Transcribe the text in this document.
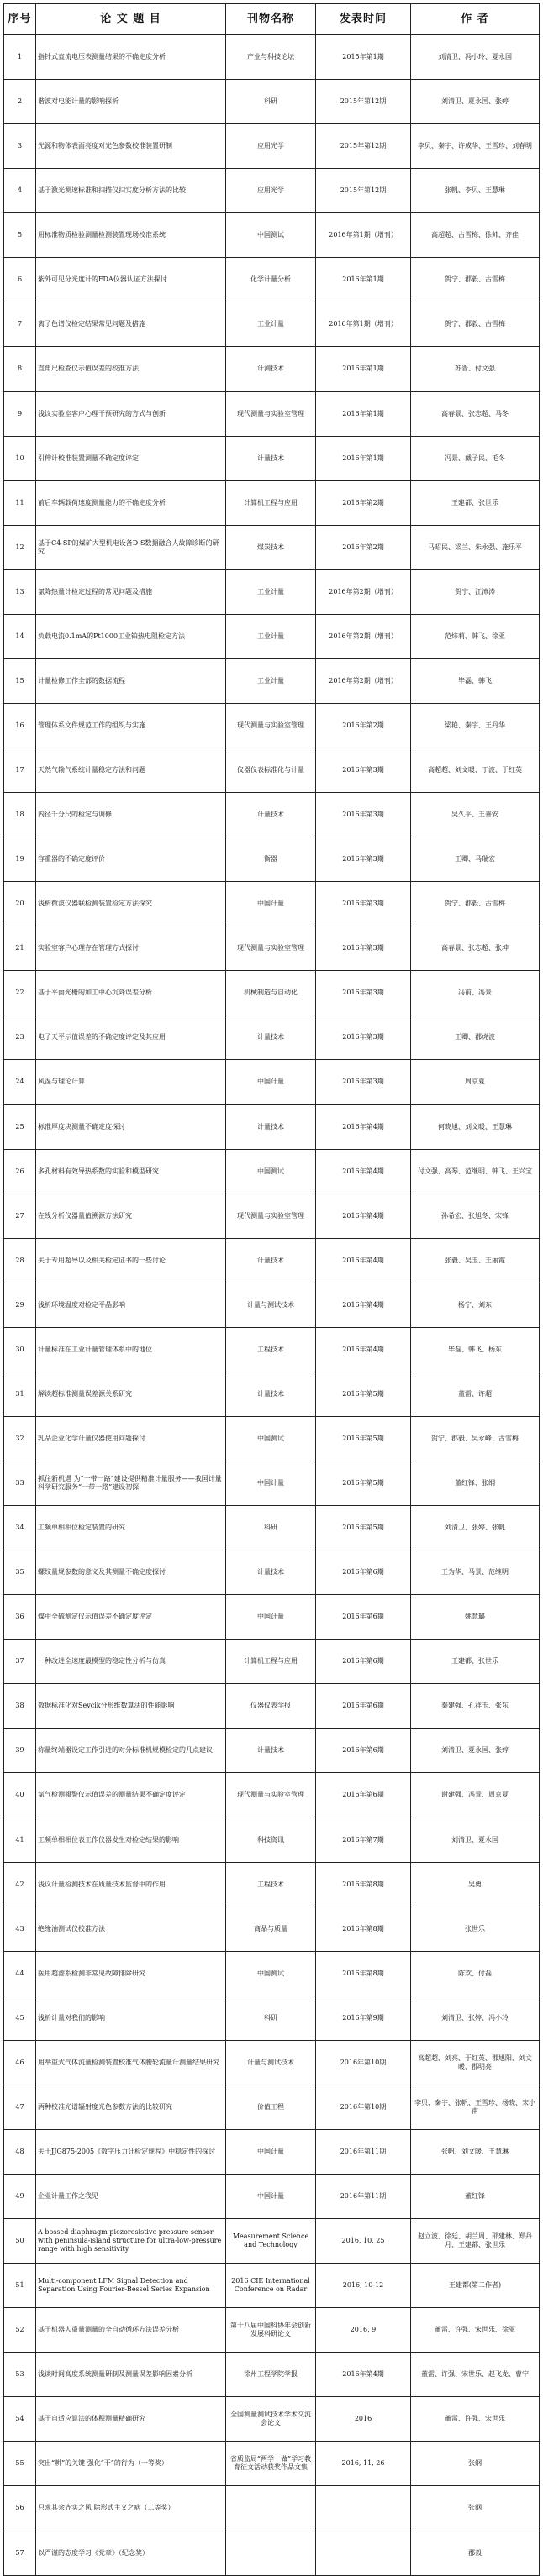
序号	论 文 题 目	刊物名称	发表时间	作 者
1	指针式直流电压表测量结果的不确定度分析	产业与科技论坛	2015年第1期	刘清卫、冯小玲、夏永国
2	谐波对电能计量的影响探析	科研	2015年第12期	刘清卫、夏永国、张婷
3	光源和物体表面亮度对光色参数校准装置研制	应用光学	2015年第12期	李贝、秦宇、许成华、王雪珍、刘春明
4	基于激光测速标准和扫描仪扫实度分析方法的比较	应用光学	2015年第12期	张帆、李贝、王慧琳
5	用标准物质检验测量检测装置现场校准系统	中国测试	2016年第1期（增刊）	高超超、古雪梅、徐帅、齐佳
6	紫外可见分光度计的FDA仪器认证方法探讨	化学计量分析	2016年第1期	贺宁、郡毅、古雪梅
7	离子色谱仪检定结果常见问题及措施	工业计量	2016年第1期（增刊）	贺宁、郡毅、古雪梅
8	直角尺检查仪示值误差的校准方法	计测技术	2016年第1期	苏晋、付文强
9	浅议实验室客户心理干预研究的方式与创新	现代测量与实验室管理	2016年第1期	高春景、张志超、马冬
10	引伸计校准装置测量不确定度评定	计量技术	2016年第1期	冯景、戴子民、毛冬
11	前后车辆载荷速度测量能力的不确定度分析	计算机工程与应用	2016年第2期	王建都、张世乐
12	基于C4-SP的煤矿大型机电设备D-S数据融合人故障诊断的研究	煤炭技术	2016年第2期	马昭民、梁兰、朱永强、施乐平
13	氯降热量计检定过程的常见问题及措施	工业计量	2016年第2期（增刊）	贺宁、江沛涛
14	负载电流0.1mA的Pt1000工业铂热电阻检定方法	工业计量	2016年第2期（增刊）	范炜莉、韩飞、徐亚
15	计量检修工作全部的数据流程	工业计量	2016年第2期（增刊）	毕磊、韩飞
16	管理体系文件规范工作的组织与实施	现代测量与实验室管理	2016年第2期	梁艳、秦宇、王丹华
17	天然气输气系统计量稳定方法和问题	仪器仪表标准化与计量	2016年第3期	高超超、刘文暖、丁波、于红英
18	内径千分尺的检定与调修	计量技术	2016年第3期	吴久平、王善安
19	容重器的不确定度评价	衡器	2016年第3期	王卿、马瑞宏
20	浅析微波仪器联检测装置检定方法探究	中国计量	2016年第3期	贺宁、郡毅、古雪梅
21	实验室客户心理存在管理方式探讨	现代测量与实验室管理	2016年第3期	高春景、张志超、张坤
22	基于平面光栅的加工中心沉降误差分析	机械制造与自动化	2016年第3期	冯前、冯景
23	电子天平示值误差的不确定度评定及其应用	计量技术	2016年第3期	王卿、郡虎波
24	风湿与理论计算	中国计量	2016年第3期	周京夏
25	标准厚度块测量不确定度探讨	计量技术	2016年第4期	何晓旭、刘文暖、王慧琳
26	多孔材料有效导热系数的实验和模型研究	中国测试	2016年第4期	付文强、高琴、范继明、韩飞、王兴宝
27	在线分析仪器量值溯源方法研究	现代测量与实验室管理	2016年第4期	孙希宏、张旭冬、宋锋
28	关于专用超导以及相关检定证书的一些讨论	计量技术	2016年第4期	张毅、吴玉、王丽霞
29	浅析环境温度对检定平晶影响	计量与测试技术	2016年第4期	杨宁、刘东
30	计量标准在工业计量管理体系中的地位	工程技术	2016年第4期	毕磊、韩飞、杨东
31	解读超标准测量误差源关系研究	计量技术	2016年第5期	董雷、许超
32	乳品企业化学计量仪器使用问题探讨	中国测试	2016年第5期	贺宁、郡毅、吴永峰、古雪梅
33	抓住新机遇 为“一带一路”建设提供精准计量服务——我国计量科学研究服务“一带一路”建设初探	中国计量	2016年第5期	董红锋、张纲
34	工频单相相位检定装置的研究	科研	2016年第5期	刘清卫、张婷、张帆
35	螺纹量规参数的意义及其测量不确定度探讨	计量技术	2016年第6期	王为华、马景、范继明
36	煤中全硫测定仪示值误差不确定度评定	中国计量	2016年第6期	姚慧璐
37	一种改进全速度最模型的稳定性分析与仿真	计算机工程与应用	2016年第6期	王建都、张世乐
38	数据标准化对Sevcik分形维数算法的性能影响	仪器仪表学报	2016年第6期	秦建强、孔祥玉、张东
39	称量终端器设定工作引进的对分标准机规模检定的几点建议	计量技术	2016年第6期	刘清卫、夏永国、张婷
40	氯气检测報警仪示值误差的测量结果不确定度评定	现代测量与实验室管理	2016年第6期	谢建强、冯景、周京夏
41	工频单相相位表工作仪器发生对检定结果的影响	科技资讯	2016年第7期	刘清卫、夏永国
42	浅议计量检测技术在质量技术监督中的作用	工程技术	2016年第8期	吴勇
43	绝缘油测试仪校准方法	商品与质量	2016年第8期	张世乐
44	医用超滤系检测非常见故障排除研究	中国测试	2016年第8期	陈欢、付磊
45	浅析计量对我们的影响	科研	2016年第9期	刘清卫、张婷、冯小玲
46	用举重式气体流量检测装置校准气体腰轮流量计测量结果研究	计量与测试技术	2016年第10期	高超超、刘亮、于红英、郡旭阳、刘文暖、郡明亮
47	两种校准光谱辐射度光色参数方法的比较研究	价值工程	2016年第10期	李贝、秦宇、张帆、王雪珍、杨晓、宋小南
48	关于JJG875-2005《数字压力计检定规程》中稳定性的探讨	中国计量	2016年第11期	张帆、刘文暖、王慧琳
49	企业计量工作之我见	中国计量	2016年第11期	董红锋
50	A bossed diaphragm piezoresistive pressure sensor with peninsula-island structure for ultra-low-pressure range with high sensitivity	Measurement Science and Technology	2016, 10, 25	赵立波、徐廷、胡兰周、邵建林、郑丹月、王建都、张世乐
51	Multi-component LFM Signal Detection and Separation Using Fourier-Bessel Series Expansion	2016 CIE International Conference on Radar	2016, 10-12	王建都(第二作者)
52	基于机器人重量测量的全自动循环方法误差分析	第十八届中国科协年会创新发展科研论文	2016, 9	董雷、许强、宋世乐、徐亚
53	浅谈时间高度系统测量研制及测量误差影响因素分析	徐州工程学院学报	2016年第4期	董雷、许强、宋世乐、赵飞龙、曹宁
54	基于自适应算法的体积测量精确研究	全国测量测试技术学术交流会论文	2016	董雷、许强、宋世乐
55	突出“耕”的关键 强化“干”的行为（一等奖）	省质监局“两学一做”学习教育征文活动获奖作品文集	2016, 11, 26	张纲
56	只求其余齐实之风 除形式主义之病（二等奖）			张纲
57	以严谨的态度学习《党章》（纪念奖）			郡毅
